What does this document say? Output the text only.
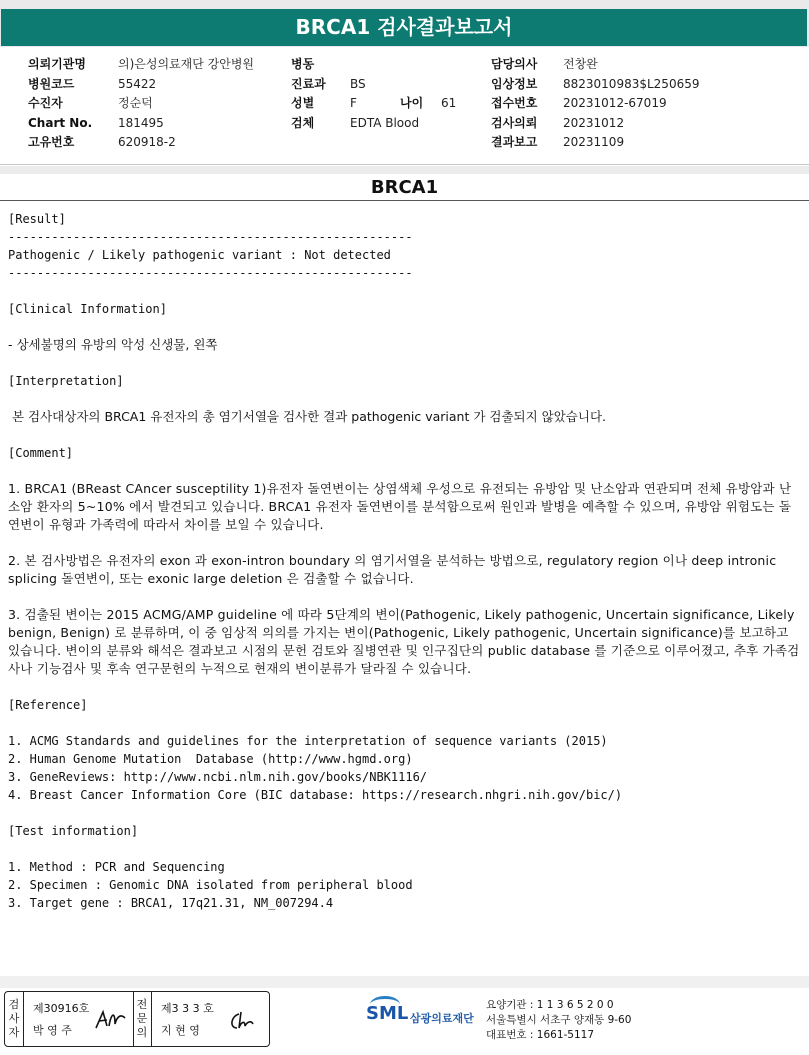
BRCA1 검사결과보고서
의뢰기관명	의)은성의료재단 강안병원
병원코드	55422
수진자	정순덕
Chart No. 181495
고유번호	620918-2
병동
진료과 BS
성별	F	나이 61
검체	EDTA Blood
담당의사 전창완
임상정보 8823010983$L250659
접수번호 20231012-67019
검사의뢰 20231012
결과보고 20231109
BRCA1
[Result]
--------------------------------------------------------
Pathogenic / Likely pathogenic variant : Not detected
--------------------------------------------------------
[Clinical Information]
- 상세불명의 유방의 악성 신생물, 왼쪽
[Interpretation]
본 검사대상자의 BRCA1 유전자의 총 염기서열을 검사한 결과 pathogenic variant 가 검출되지 않았습니다.
[Comment]
1. BRCA1 (BReast CAncer susceptility 1)유전자 돌연변이는 상염색체 우성으로 유전되는 유방암 및 난소암과 연관되며 전체 유방암과 난소암 환자의 5~10% 에서 발견되고 있습니다. BRCA1 유전자 돌연변이를 분석함으로써 원인과 발병을 예측할 수 있으며, 유방암 위험도는 돌연변이 유형과 가족력에 따라서 차이를 보일 수 있습니다.
2. 본 검사방법은 유전자의 exon 과 exon-intron boundary 의 염기서열을 분석하는 방법으로, regulatory region 이나 deep intronic splicing 돌연변이, 또는 exonic large deletion 은 검출할 수 없습니다.
3. 검출된 변이는 2015 ACMG/AMP guideline 에 따라 5단계의 변이(Pathogenic, Likely pathogenic, Uncertain significance, Likely benign, Benign) 로 분류하며, 이 중 임상적 의의를 가지는 변이(Pathogenic, Likely pathogenic, Uncertain significance)를 보고하고 있습니다. 변이의 분류와 해석은 결과보고 시점의 문헌 검토와 질병연관 및 인구집단의 public database 를 기준으로 이루어졌고, 추후 가족검사나 기능검사 및 후속 연구문헌의 누적으로 현재의 변이분류가 달라질 수 있습니다.
[Reference]
1. ACMG Standards and guidelines for the interpretation of sequence variants (2015)
2. Human Genome Mutation  Database (http://www.hgmd.org)
3. GeneReviews: http://www.ncbi.nlm.nih.gov/books/NBK1116/
4. Breast Cancer Information Core (BIC database: https://research.nhgri.nih.gov/bic/)
[Test information]
1. Method : PCR and Sequencing
2. Specimen : Genomic DNA isolated from peripheral blood
3. Target gene : BRCA1, 17q21.31, NM_007294.4
검
사
자
제30916호
박 영 주
전
문
의
제3 3 3 호
지 현 영
SML 삼광의료재단
요양기관 : 1 1 3 6 5 2 0 0
서울특별시 서초구 양재동 9-60
대표번호 : 1661-5117
